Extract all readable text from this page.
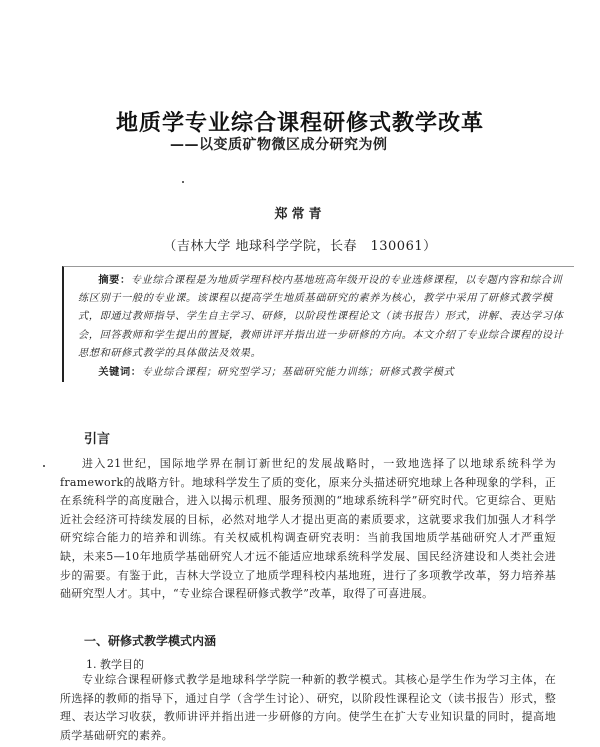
地质学专业综合课程研修式教学改革
——以变质矿物微区成分研究为例
郑常青
（吉林大学 地球科学学院，长春　130061）

摘要：专业综合课程是为地质学理科校内基地班高年级开设的专业选修课程，以专题内容和综合训练区别于一般的专业课。该课程以提高学生地质基础研究的素养为核心，教学中采用了研修式教学模式，即通过教师指导、学生自主学习、研修，以阶段性课程论文（读书报告）形式，讲解、表达学习体会，回答教师和学生提出的置疑，教师讲评并指出进一步研修的方向。本文介绍了专业综合课程的设计思想和研修式教学的具体做法及效果。

关键词：专业综合课程；研究型学习；基础研究能力训练；研修式教学模式

引言

进入21世纪，国际地学界在制订新世纪的发展战略时，一致地选择了以地球系统科学为framework的战略方针。地球科学发生了质的变化，原来分头描述研究地球上各种现象的学科，正在系统科学的高度融合，进入以揭示机理、服务预测的“地球系统科学”研究时代。它更综合、更贴近社会经济可持续发展的目标，必然对地学人才提出更高的素质要求，这就要求我们加强人才科学研究综合能力的培养和训练。有关权威机构调查研究表明：当前我国地质学基础研究人才严重短缺，未来5—10年地质学基础研究人才远不能适应地球系统科学发展、国民经济建设和人类社会进步的需要。有鉴于此，吉林大学设立了地质学理科校内基地班，进行了多项教学改革，努力培养基础研究型人才。其中，“专业综合课程研修式教学”改革，取得了可喜进展。

一、研修式教学模式内涵
1. 教学目的

专业综合课程研修式教学是地球科学学院一种新的教学模式。其核心是学生作为学习主体，在所选择的教师的指导下，通过自学（含学生讨论）、研究，以阶段性课程论文（读书报告）形式，整理、表达学习收获，教师讲评并指出进一步研修的方向。使学生在扩大专业知识量的同时，提高地质学基础研究的素养。
